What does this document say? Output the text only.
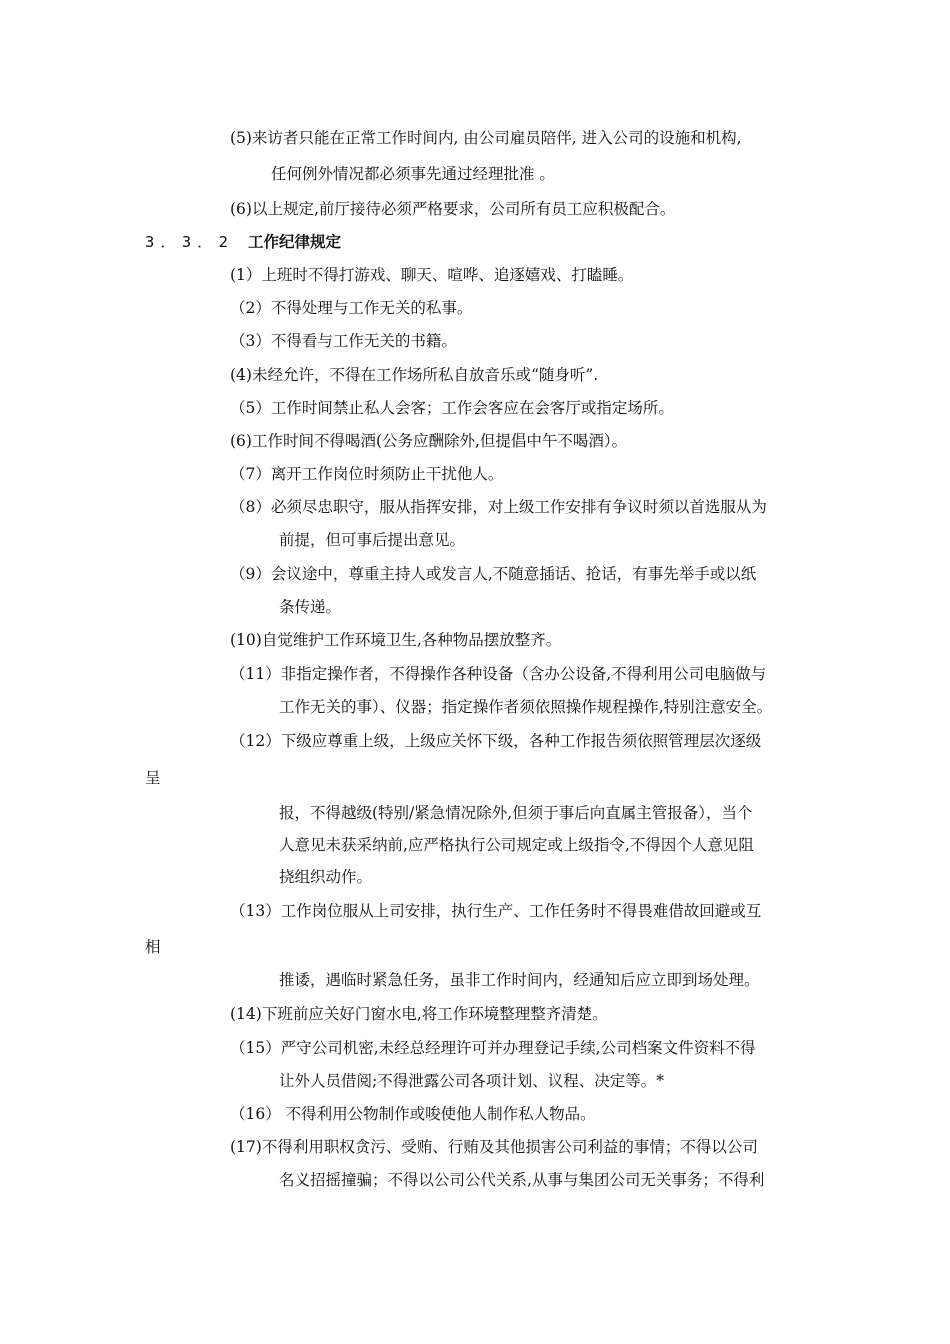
(5)来访者只能在正常工作时间内, 由公司雇员陪伴, 进入公司的设施和机构,
任何例外情况都必须事先通过经理批准 。
(6)以上规定,前厅接待必须严格要求，公司所有员工应积极配合。
3．3．2 工作纪律规定
(1）上班时不得打游戏、聊天、喧哗、追逐嬉戏、打瞌睡。
（2）不得处理与工作无关的私事。
（3）不得看与工作无关的书籍。
(4)未经允许，不得在工作场所私自放音乐或“随身听”.
（5）工作时间禁止私人会客；工作会客应在会客厅或指定场所。
(6)工作时间不得喝酒(公务应酬除外,但提倡中午不喝酒）。
（7）离开工作岗位时须防止干扰他人。
（8）必须尽忠职守，服从指挥安排，对上级工作安排有争议时须以首选服从为
前提，但可事后提出意见。
（9）会议途中，尊重主持人或发言人,不随意插话、抢话，有事先举手或以纸
条传递。
(10)自觉维护工作环境卫生,各种物品摆放整齐。
（11）非指定操作者，不得操作各种设备（含办公设备,不得利用公司电脑做与
工作无关的事）、仪器；指定操作者须依照操作规程操作,特别注意安全。
（12）下级应尊重上级，上级应关怀下级，各种工作报告须依照管理层次逐级
呈
报，不得越级(特别/紧急情况除外,但须于事后向直属主管报备），当个
人意见未获采纳前,应严格执行公司规定或上级指令,不得因个人意见阻
挠组织动作。
（13）工作岗位服从上司安排，执行生产、工作任务时不得畏难借故回避或互
相
推诿，遇临时紧急任务，虽非工作时间内，经通知后应立即到场处理。
(14)下班前应关好门窗水电,将工作环境整理整齐清楚。
（15）严守公司机密,未经总经理许可并办理登记手续,公司档案文件资料不得
让外人员借阅;不得泄露公司各项计划、议程、决定等。*
（16） 不得利用公物制作或唆使他人制作私人物品。
(17)不得利用职权贪污、受贿、行贿及其他损害公司利益的事情；不得以公司
名义招摇撞骗；不得以公司公代关系,从事与集团公司无关事务；不得利
